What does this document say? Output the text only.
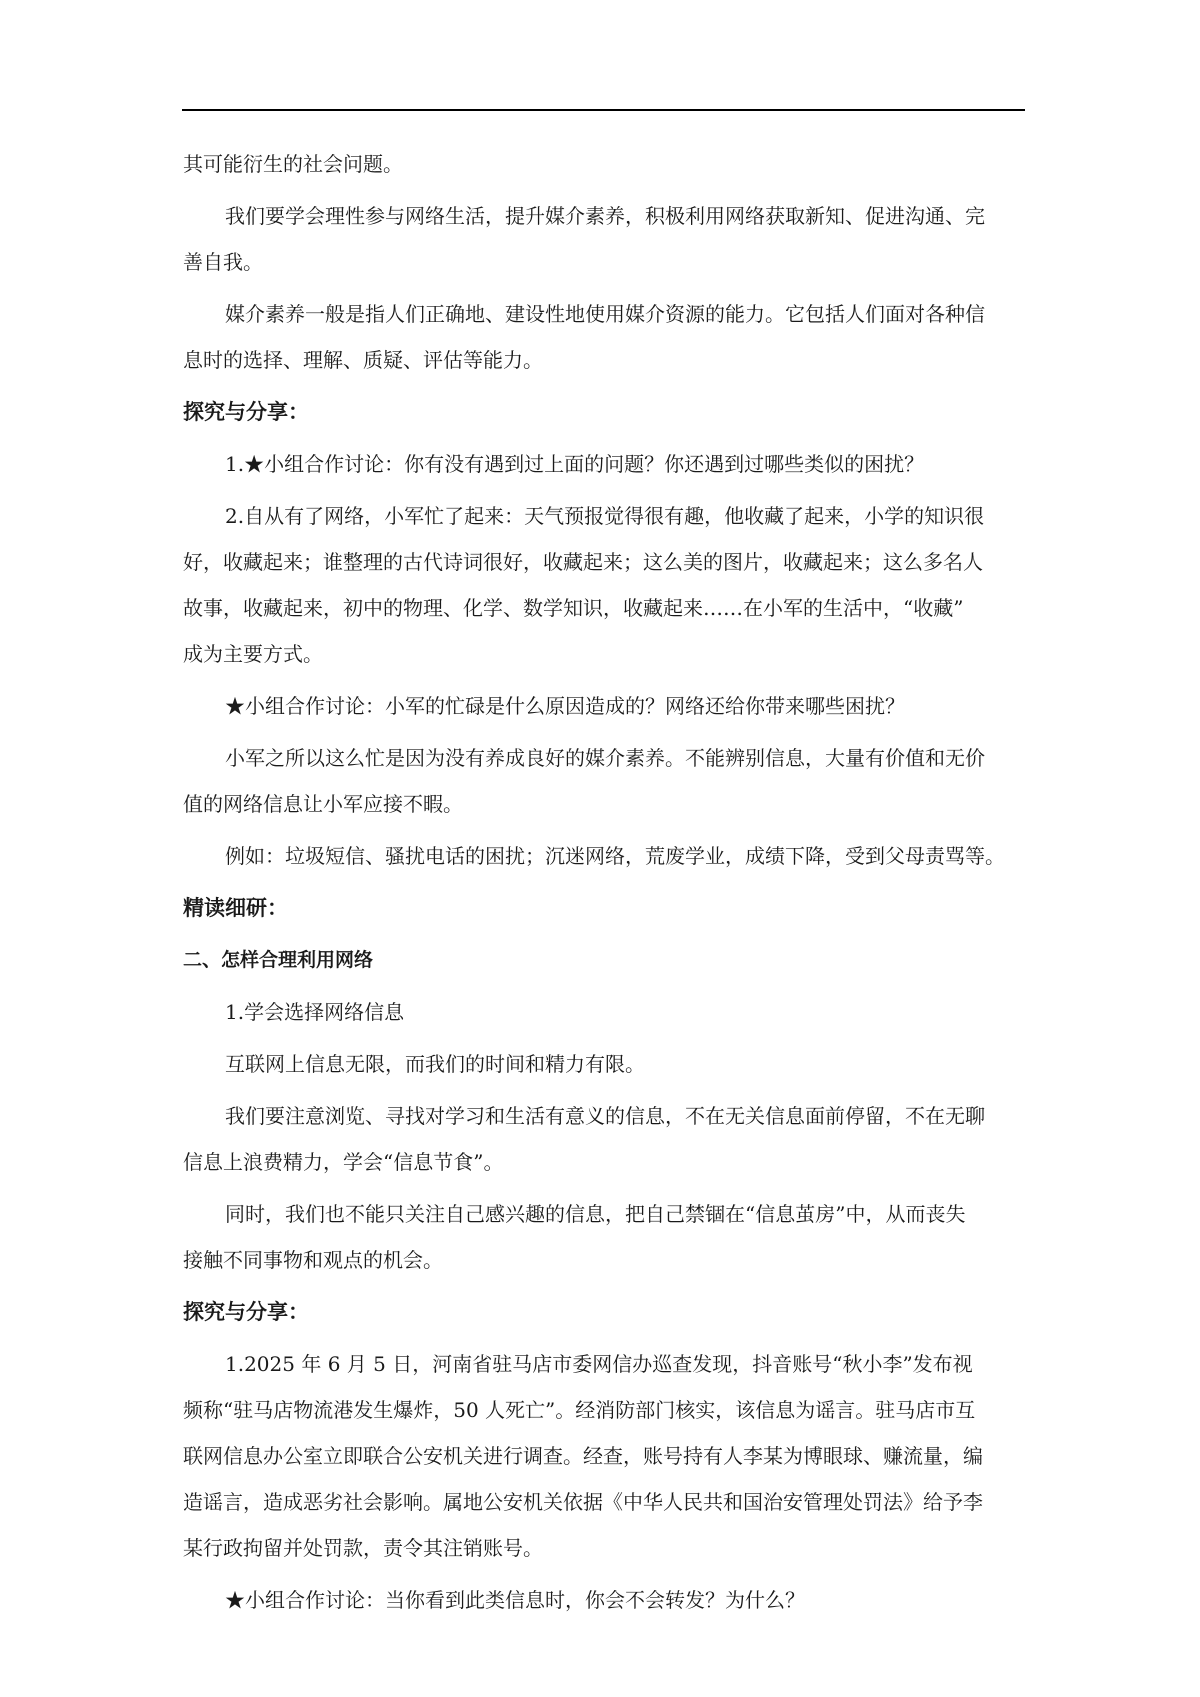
其可能衍生的社会问题。

我们要学会理性参与网络生活，提升媒介素养，积极利用网络获取新知、促进沟通、完

善自我。

媒介素养一般是指人们正确地、建设性地使用媒介资源的能力。它包括人们面对各种信

息时的选择、理解、质疑、评估等能力。

探究与分享：

1.★小组合作讨论：你有没有遇到过上面的问题？你还遇到过哪些类似的困扰？

2.自从有了网络，小军忙了起来：天气预报觉得很有趣，他收藏了起来，小学的知识很

好，收藏起来；谁整理的古代诗词很好，收藏起来；这么美的图片，收藏起来；这么多名人

故事，收藏起来，初中的物理、化学、数学知识，收藏起来……在小军的生活中，“收藏”

成为主要方式。

★小组合作讨论：小军的忙碌是什么原因造成的？网络还给你带来哪些困扰？

小军之所以这么忙是因为没有养成良好的媒介素养。不能辨别信息，大量有价值和无价

值的网络信息让小军应接不暇。

例如：垃圾短信、骚扰电话的困扰；沉迷网络，荒废学业，成绩下降，受到父母责骂等。

精读细研：

二、怎样合理利用网络

1.学会选择网络信息

互联网上信息无限，而我们的时间和精力有限。

我们要注意浏览、寻找对学习和生活有意义的信息，不在无关信息面前停留，不在无聊

信息上浪费精力，学会“信息节食”。

同时，我们也不能只关注自己感兴趣的信息，把自己禁锢在“信息茧房”中，从而丧失

接触不同事物和观点的机会。

探究与分享：

1.2025 年 6 月 5 日，河南省驻马店市委网信办巡查发现，抖音账号“秋小李”发布视

频称“驻马店物流港发生爆炸，50 人死亡”。经消防部门核实，该信息为谣言。驻马店市互

联网信息办公室立即联合公安机关进行调查。经查，账号持有人李某为博眼球、赚流量，编

造谣言，造成恶劣社会影响。属地公安机关依据《中华人民共和国治安管理处罚法》给予李

某行政拘留并处罚款，责令其注销账号。

★小组合作讨论：当你看到此类信息时，你会不会转发？为什么？
